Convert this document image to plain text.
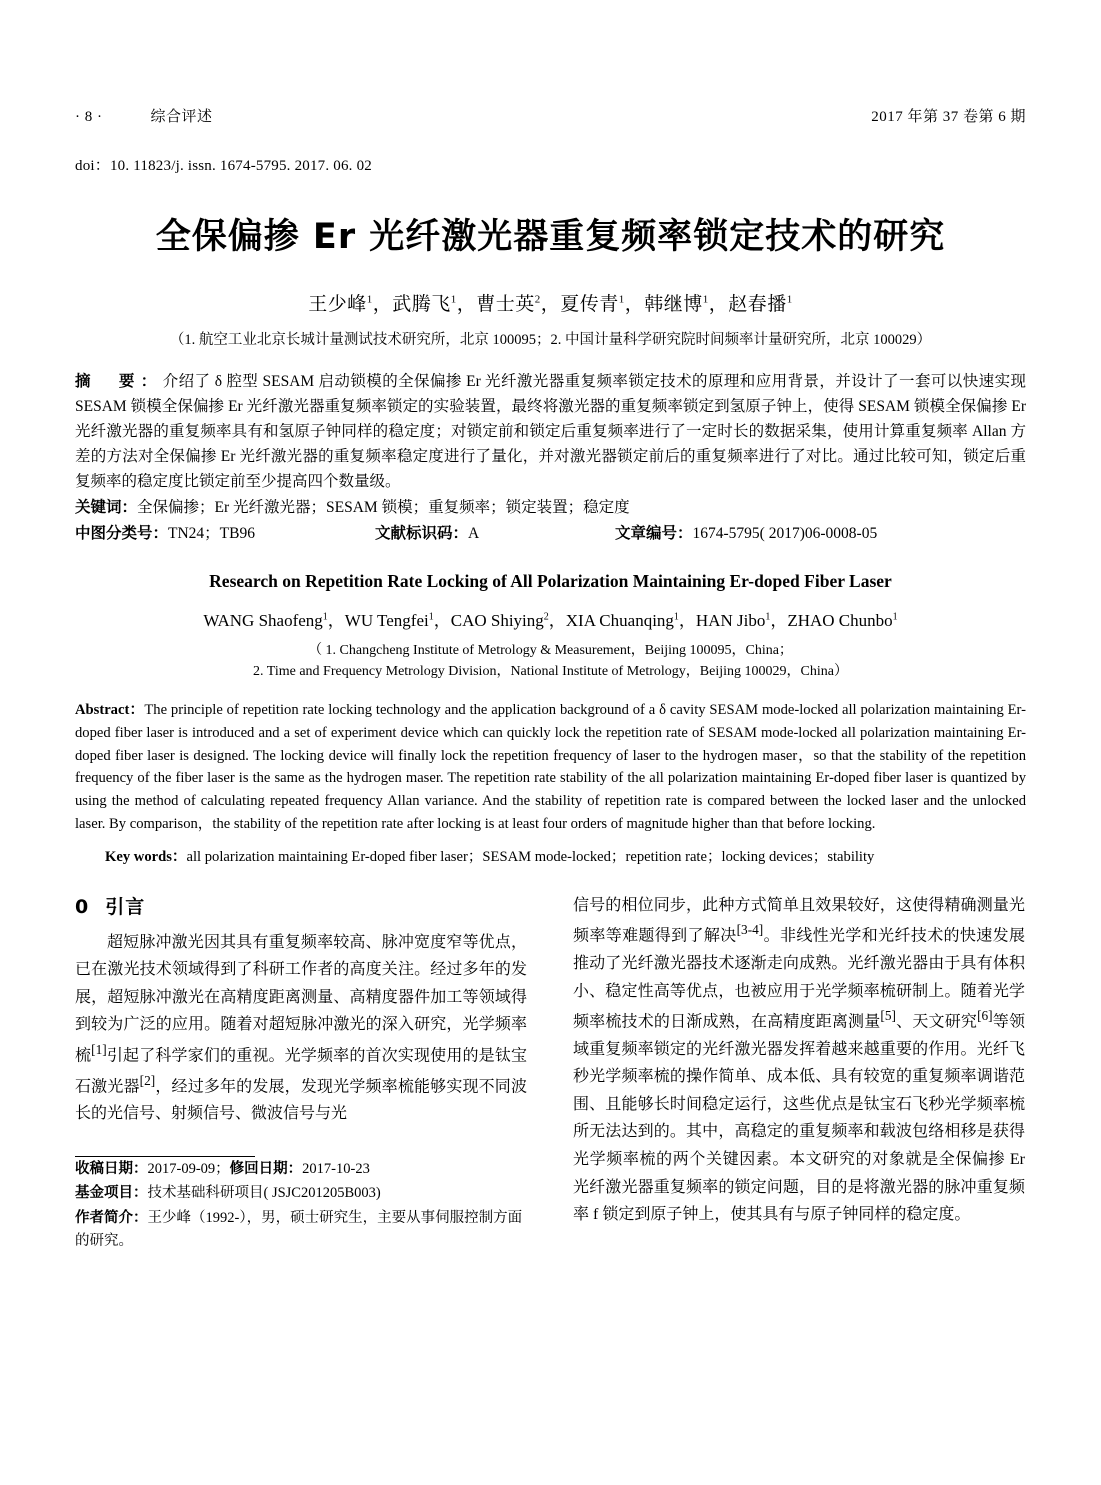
· 8 ·	综合评述	2017 年第 37 卷第 6 期
doi：10. 11823/j. issn. 1674-5795. 2017. 06. 02
全保偏掺 Er 光纤激光器重复频率锁定技术的研究
王少峰$^1$，武腾飞$^1$，曹士英$^2$，夏传青$^1$，韩继博$^1$，赵春播$^1$
（1. 航空工业北京长城计量测试技术研究所，北京 100095；2. 中国计量科学研究院时间频率计量研究所，北京 100029）
摘　要：介绍了 δ 腔型 SESAM 启动锁模的全保偏掺 Er 光纤激光器重复频率锁定技术的原理和应用背景，并设计了一套可以快速实现 SESAM 锁模全保偏掺 Er 光纤激光器重复频率锁定的实验装置，最终将激光器的重复频率锁定到氢原子钟上，使得 SESAM 锁模全保偏掺 Er 光纤激光器的重复频率具有和氢原子钟同样的稳定度；对锁定前和锁定后重复频率进行了一定时长的数据采集，使用计算重复频率 Allan 方差的方法对全保偏掺 Er 光纤激光器的重复频率稳定度进行了量化，并对激光器锁定前后的重复频率进行了对比。通过比较可知，锁定后重复频率的稳定度比锁定前至少提高四个数量级。
关键词：全保偏掺；Er 光纤激光器；SESAM 锁模；重复频率；锁定装置；稳定度
中图分类号：TN24；TB96	文献标识码：A	文章编号：1674-5795( 2017)06-0008-05
Research on Repetition Rate Locking of All Polarization Maintaining Er-doped Fiber Laser
WANG Shaofeng$^1$，WU Tengfei$^1$，CAO Shiying$^2$，XIA Chuanqing$^1$，HAN Jibo$^1$，ZHAO Chunbo$^1$
（ 1. Changcheng Institute of Metrology & Measurement，Beijing 100095，China；
2. Time and Frequency Metrology Division，National Institute of Metrology，Beijing 100029，China）
Abstract：The principle of repetition rate locking technology and the application background of a δ cavity SESAM mode-locked all polarization maintaining Er-doped fiber laser is introduced and a set of experiment device which can quickly lock the repetition rate of SESAM mode-locked all polarization maintaining Er-doped fiber laser is designed. The locking device will finally lock the repetition frequency of laser to the hydrogen maser，so that the stability of the repetition frequency of the fiber laser is the same as the hydrogen maser. The repetition rate stability of the all polarization maintaining Er-doped fiber laser is quantized by using the method of calculating repeated frequency Allan variance. And the stability of repetition rate is compared between the locked laser and the unlocked laser. By comparison，the stability of the repetition rate after locking is at least four orders of magnitude higher than that before locking.
Key words：all polarization maintaining Er-doped fiber laser；SESAM mode-locked；repetition rate；locking devices；stability
0 引言

超短脉冲激光因其具有重复频率较高、脉冲宽度窄等优点，已在激光技术领域得到了科研工作者的高度关注。经过多年的发展，超短脉冲激光在高精度距离测量、高精度器件加工等领域得到较为广泛的应用。随着对超短脉冲激光的深入研究，光学频率梳[1]引起了科学家们的重视。光学频率的首次实现使用的是钛宝石激光器[2]，经过多年的发展，发现光学频率梳能够实现不同波长的光信号、射频信号、微波信号与光

收稿日期：2017-09-09；修回日期：2017-10-23
基金项目：技术基础科研项目( JSJC201205B003)
作者简介：王少峰（1992-），男，硕士研究生，主要从事伺服控制方面的研究。

信号的相位同步，此种方式简单且效果较好，这使得精确测量光频率等难题得到了解决[3-4]。非线性光学和光纤技术的快速发展推动了光纤激光器技术逐渐走向成熟。光纤激光器由于具有体积小、稳定性高等优点，也被应用于光学频率梳研制上。随着光学频率梳技术的日渐成熟，在高精度距离测量[5]、天文研究[6]等领域重复频率锁定的光纤激光器发挥着越来越重要的作用。光纤飞秒光学频率梳的操作简单、成本低、具有较宽的重复频率调谐范围、且能够长时间稳定运行，这些优点是钛宝石飞秒光学频率梳所无法达到的。其中，高稳定的重复频率和载波包络相移是获得光学频率梳的两个关键因素。本文研究的对象就是全保偏掺 Er 光纤激光器重复频率的锁定问题，目的是将激光器的脉冲重复频率 f 锁定到原子钟上，使其具有与原子钟同样的稳定度。
